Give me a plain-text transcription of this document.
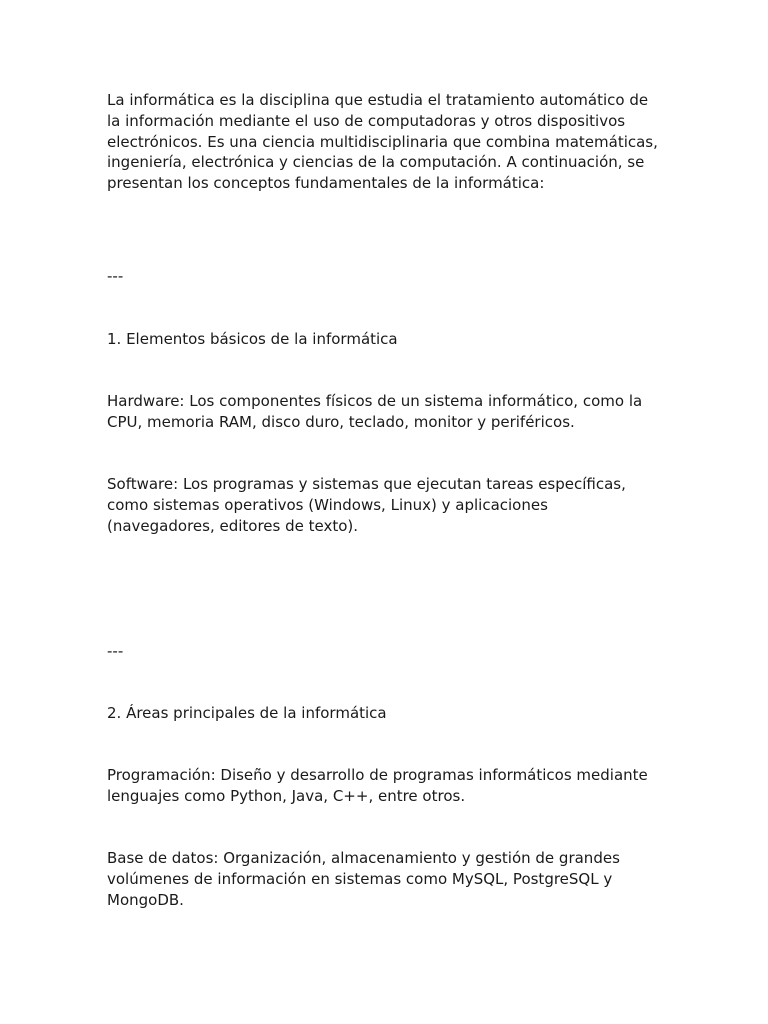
La informática es la disciplina que estudia el tratamiento automático de
la información mediante el uso de computadoras y otros dispositivos
electrónicos. Es una ciencia multidisciplinaria que combina matemáticas,
ingeniería, electrónica y ciencias de la computación. A continuación, se
presentan los conceptos fundamentales de la informática:

---

1. Elementos básicos de la informática

Hardware: Los componentes físicos de un sistema informático, como la
CPU, memoria RAM, disco duro, teclado, monitor y periféricos.

Software: Los programas y sistemas que ejecutan tareas específicas,
como sistemas operativos (Windows, Linux) y aplicaciones
(navegadores, editores de texto).

---

2. Áreas principales de la informática

Programación: Diseño y desarrollo de programas informáticos mediante
lenguajes como Python, Java, C++, entre otros.

Base de datos: Organización, almacenamiento y gestión de grandes
volúmenes de información en sistemas como MySQL, PostgreSQL y
MongoDB.
